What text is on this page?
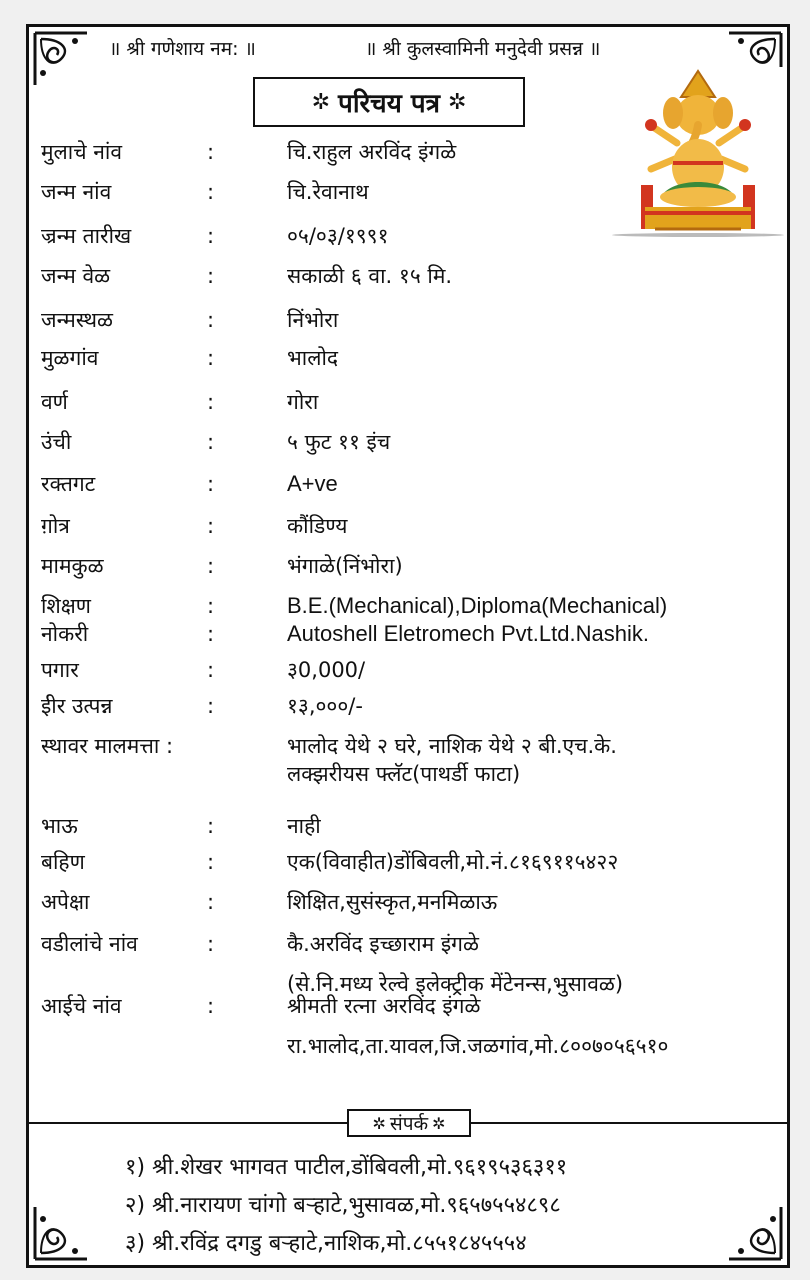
॥ श्री गणेशाय नम: ॥	॥ श्री कुलस्वामिनी मनुदेवी प्रसन्न ॥
✲ परिचय पत्र ✲
मुलाचे नांव	:	चि.राहुल अरविंद इंगळे
जन्म नांव	:	चि.रेवानाथ
ज्रन्म तारीख	:	०५/०३/१९९१
जन्म वेळ	:	सकाळी ६ वा. १५ मि.
जन्मस्थळ	:	निंभोरा
मुळगांव	:	भालोद
वर्ण	:	गोरा
उंची	:	५ फुट ११ इंच
रक्तगट	:	A+ve
ग़ोत्र	:	कौंडिण्य
मामकुळ	:	भंगाळे(निंभोरा)
शिक्षण	:	B.E.(Mechanical),Diploma(Mechanical)
नोकरी	:	Autoshell Eletromech Pvt.Ltd.Nashik.
पगार	:	३0,000/
ईीर उत्पन्न	:	१३,०००/-
स्थावर मालमत्ता :	भालोद येथे २ घरे, नाशिक येथे २ बी.एच.के.
लक्झरीयस फ्लॅट(पाथर्डी फाटा)
भाऊ	:	नाही
बहिण	:	एक(विवाहीत)डोंबिवली,मो.नं.८१६९११५४२२
अपेक्षा	:	शिक्षित,सुसंस्कृत,मनमिळाऊ
वडीलांचे नांव	:	कै.अरविंद इच्छाराम इंगळे
(से.नि.मध्य रेल्वे इलेक्ट्रीक मेंटेनन्स,भुसावळ)
आईचे नांव	:	श्रीमती रत्ना अरविंद इंगळे
रा.भालोद,ता.यावल,जि.जळगांव,मो.८००७०५६५१०
✲ संपर्क ✲
१) श्री.शेखर भागवत पाटील,डोंबिवली,मो.९६१९५३६३११
२) श्री.नारायण चांगो बऱ्हाटे,भुसावळ,मो.९६५७५५४८९८
३) श्री.रविंद्र दगडु बऱ्हाटे,नाशिक,मो.८५५१८४५५५४
